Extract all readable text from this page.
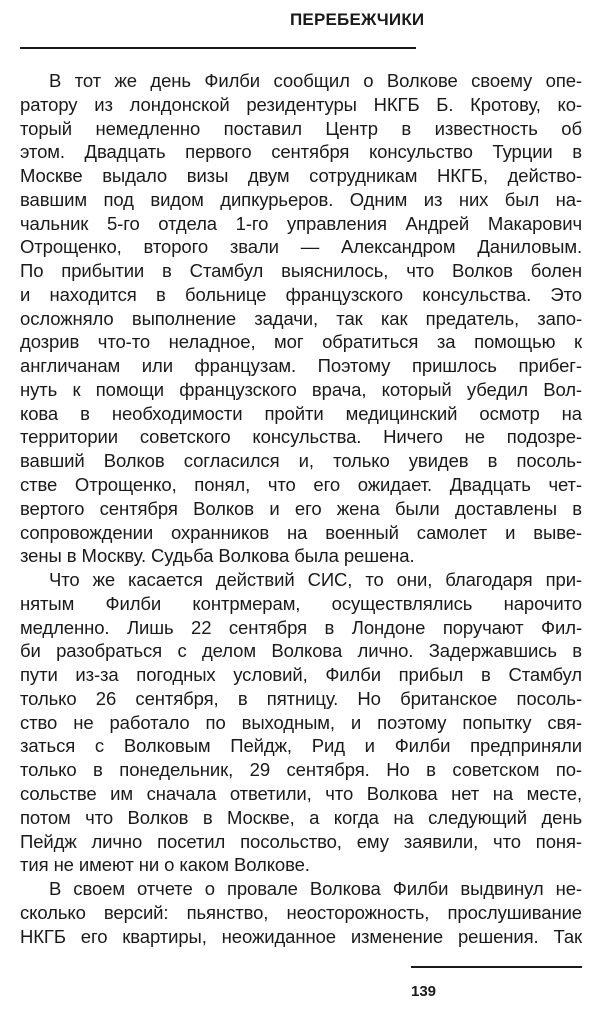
ПЕРЕБЕЖЧИКИ
В тот же день Филби сообщил о Волкове своему опе-
ратору из лондонской резидентуры НКГБ Б. Кротову, ко-
торый немедленно поставил Центр в известность об
этом. Двадцать первого сентября консульство Турции в
Москве выдало визы двум сотрудникам НКГБ, действо-
вавшим под видом дипкурьеров. Одним из них был на-
чальник 5-го отдела 1-го управления Андрей Макарович
Отрощенко, второго звали — Александром Даниловым.
По прибытии в Стамбул выяснилось, что Волков болен
и находится в больнице французского консульства. Это
осложняло выполнение задачи, так как предатель, запо-
дозрив что-то неладное, мог обратиться за помощью к
англичанам или французам. Поэтому пришлось прибег-
нуть к помощи французского врача, который убедил Вол-
кова в необходимости пройти медицинский осмотр на
территории советского консульства. Ничего не подозре-
вавший Волков согласился и, только увидев в посоль-
стве Отрощенко, понял, что его ожидает. Двадцать чет-
вертого сентября Волков и его жена были доставлены в
сопровождении охранников на военный самолет и выве-
зены в Москву. Судьба Волкова была решена.
Что же касается действий СИС, то они, благодаря при-
нятым Филби контрмерам, осуществлялись нарочито
медленно. Лишь 22 сентября в Лондоне поручают Фил-
би разобраться с делом Волкова лично. Задержавшись в
пути из-за погодных условий, Филби прибыл в Стамбул
только 26 сентября, в пятницу. Но британское посоль-
ство не работало по выходным, и поэтому попытку свя-
заться с Волковым Пейдж, Рид и Филби предприняли
только в понедельник, 29 сентября. Но в советском по-
сольстве им сначала ответили, что Волкова нет на месте,
потом что Волков в Москве, а когда на следующий день
Пейдж лично посетил посольство, ему заявили, что поня-
тия не имеют ни о каком Волкове.
В своем отчете о провале Волкова Филби выдвинул не-
сколько версий: пьянство, неосторожность, прослушивание
НКГБ его квартиры, неожиданное изменение решения. Так
139
